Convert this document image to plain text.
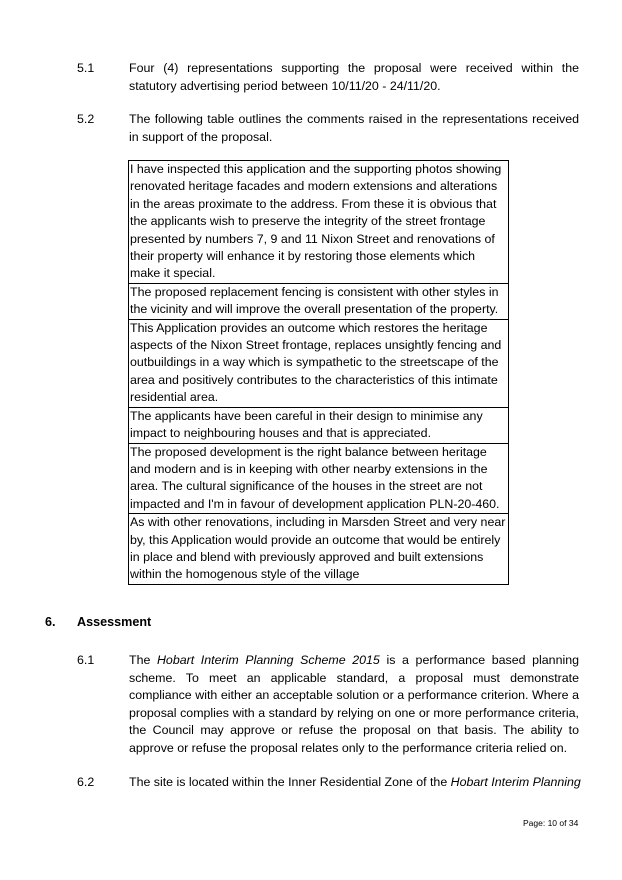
5.1	Four (4) representations supporting the proposal were received within the statutory advertising period between 10/11/20 - 24/11/20.
5.2	The following table outlines the comments raised in the representations received in support of the proposal.
I have inspected this application and the supporting photos showing renovated heritage facades and modern extensions and alterations in the areas proximate to the address. From these it is obvious that the applicants wish to preserve the integrity of the street frontage presented by numbers 7, 9 and 11 Nixon Street and renovations of their property will enhance it by restoring those elements which make it special.
The proposed replacement fencing is consistent with other styles in the vicinity and will improve the overall presentation of the property.
This Application provides an outcome which restores the heritage aspects of the Nixon Street frontage, replaces unsightly fencing and outbuildings in a way which is sympathetic to the streetscape of the area and positively contributes to the characteristics of this intimate residential area.
The applicants have been careful in their design to minimise any impact to neighbouring houses and that is appreciated.
The proposed development is the right balance between heritage and modern and is in keeping with other nearby extensions in the area. The cultural significance of the houses in the street are not impacted and I'm in favour of development application PLN-20-460.
As with other renovations, including in Marsden Street and very near by, this Application would provide an outcome that would be entirely in place and blend with previously approved and built extensions within the homogenous style of the village
6. Assessment
6.1	The Hobart Interim Planning Scheme 2015 is a performance based planning scheme. To meet an applicable standard, a proposal must demonstrate compliance with either an acceptable solution or a performance criterion. Where a proposal complies with a standard by relying on one or more performance criteria, the Council may approve or refuse the proposal on that basis. The ability to approve or refuse the proposal relates only to the performance criteria relied on.
6.2	The site is located within the Inner Residential Zone of the Hobart Interim Planning
Page: 10 of 34
